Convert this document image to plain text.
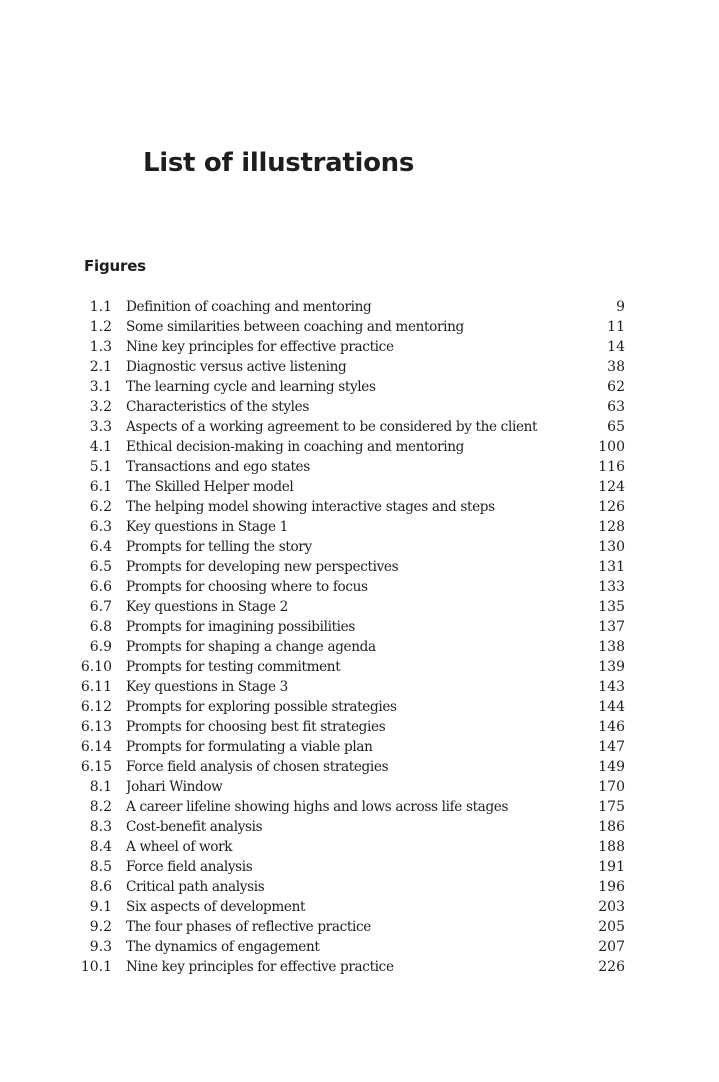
List of illustrations
Figures
1.1 Definition of coaching and mentoring	9
1.2 Some similarities between coaching and mentoring	11
1.3 Nine key principles for effective practice	14
2.1 Diagnostic versus active listening	38
3.1 The learning cycle and learning styles	62
3.2 Characteristics of the styles	63
3.3 Aspects of a working agreement to be considered by the client	65
4.1 Ethical decision-making in coaching and mentoring	100
5.1 Transactions and ego states	116
6.1 The Skilled Helper model	124
6.2 The helping model showing interactive stages and steps	126
6.3 Key questions in Stage 1	128
6.4 Prompts for telling the story	130
6.5 Prompts for developing new perspectives	131
6.6 Prompts for choosing where to focus	133
6.7 Key questions in Stage 2	135
6.8 Prompts for imagining possibilities	137
6.9 Prompts for shaping a change agenda	138
6.10 Prompts for testing commitment	139
6.11 Key questions in Stage 3	143
6.12 Prompts for exploring possible strategies	144
6.13 Prompts for choosing best fit strategies	146
6.14 Prompts for formulating a viable plan	147
6.15 Force field analysis of chosen strategies	149
8.1 Johari Window	170
8.2 A career lifeline showing highs and lows across life stages	175
8.3 Cost-benefit analysis	186
8.4 A wheel of work	188
8.5 Force field analysis	191
8.6 Critical path analysis	196
9.1 Six aspects of development	203
9.2 The four phases of reflective practice	205
9.3 The dynamics of engagement	207
10.1 Nine key principles for effective practice	226
